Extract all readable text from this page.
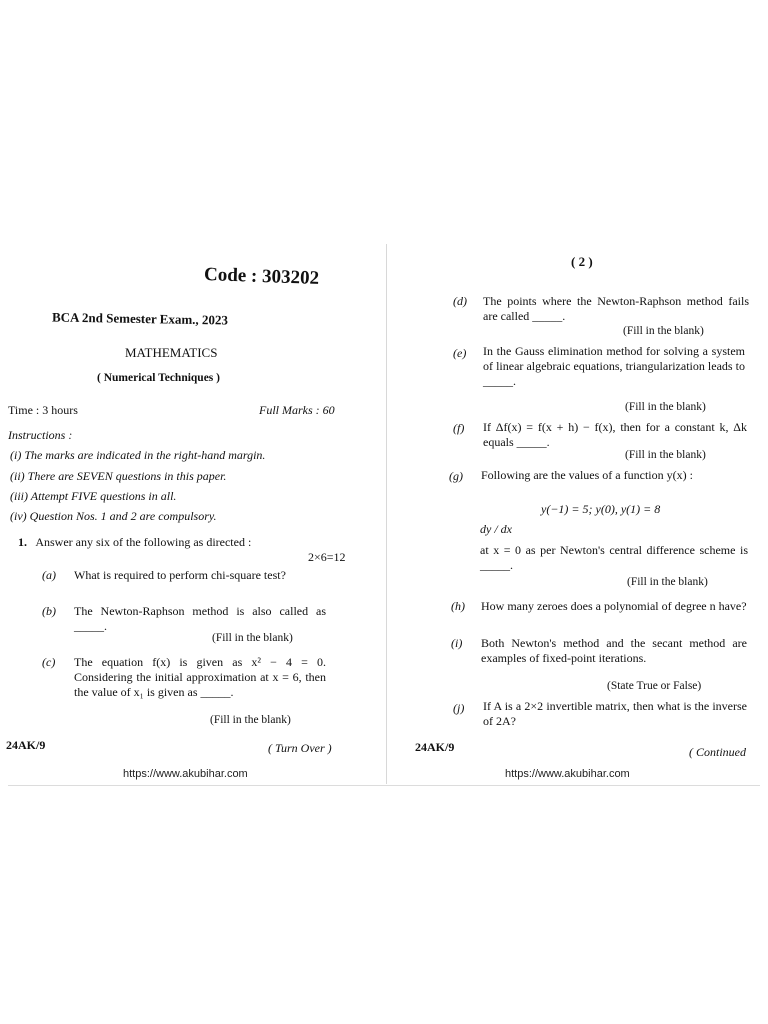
Code : 303202
BCA 2nd Semester Exam., 2023
MATHEMATICS
( Numerical Techniques )
Time : 3 hours	Full Marks : 60
Instructions :
(i) The marks are indicated in the right-hand margin.
(ii) There are SEVEN questions in this paper.
(iii) Attempt FIVE questions in all.
(iv) Question Nos. 1 and 2 are compulsory.
1. Answer any six of the following as directed :
2×6=12
(a) What is required to perform chi-square test?
(b) The Newton-Raphson method is also called as _____.
(Fill in the blank)
(c) The equation f(x) is given as x² − 4 = 0. Considering the initial approximation at x = 6, then the value of x₁ is given as _____.
(Fill in the blank)
24AK/9	( Turn Over )
( 2 )
(d) The points where the Newton-Raphson method fails are called _____.
(Fill in the blank)
(e) In the Gauss elimination method for solving a system of linear algebraic equations, triangularization leads to _____.
(Fill in the blank)
(f) If Δf(x) = f(x + h) − f(x), then for a constant k, Δk equals _____.
(Fill in the blank)
(g) Following are the values of a function y(x) :
y(−1) = 5; y(0), y(1) = 8
dy / dx
at x = 0 as per Newton's central difference scheme is _____.
(Fill in the blank)
(h) How many zeroes does a polynomial of degree n have?
(i) Both Newton's method and the secant method are examples of fixed-point iterations.
(State True or False)
(j) If A is a 2×2 invertible matrix, then what is the inverse of 2A?
24AK/9	( Continued
https://www.akubihar.com	https://www.akubihar.com
